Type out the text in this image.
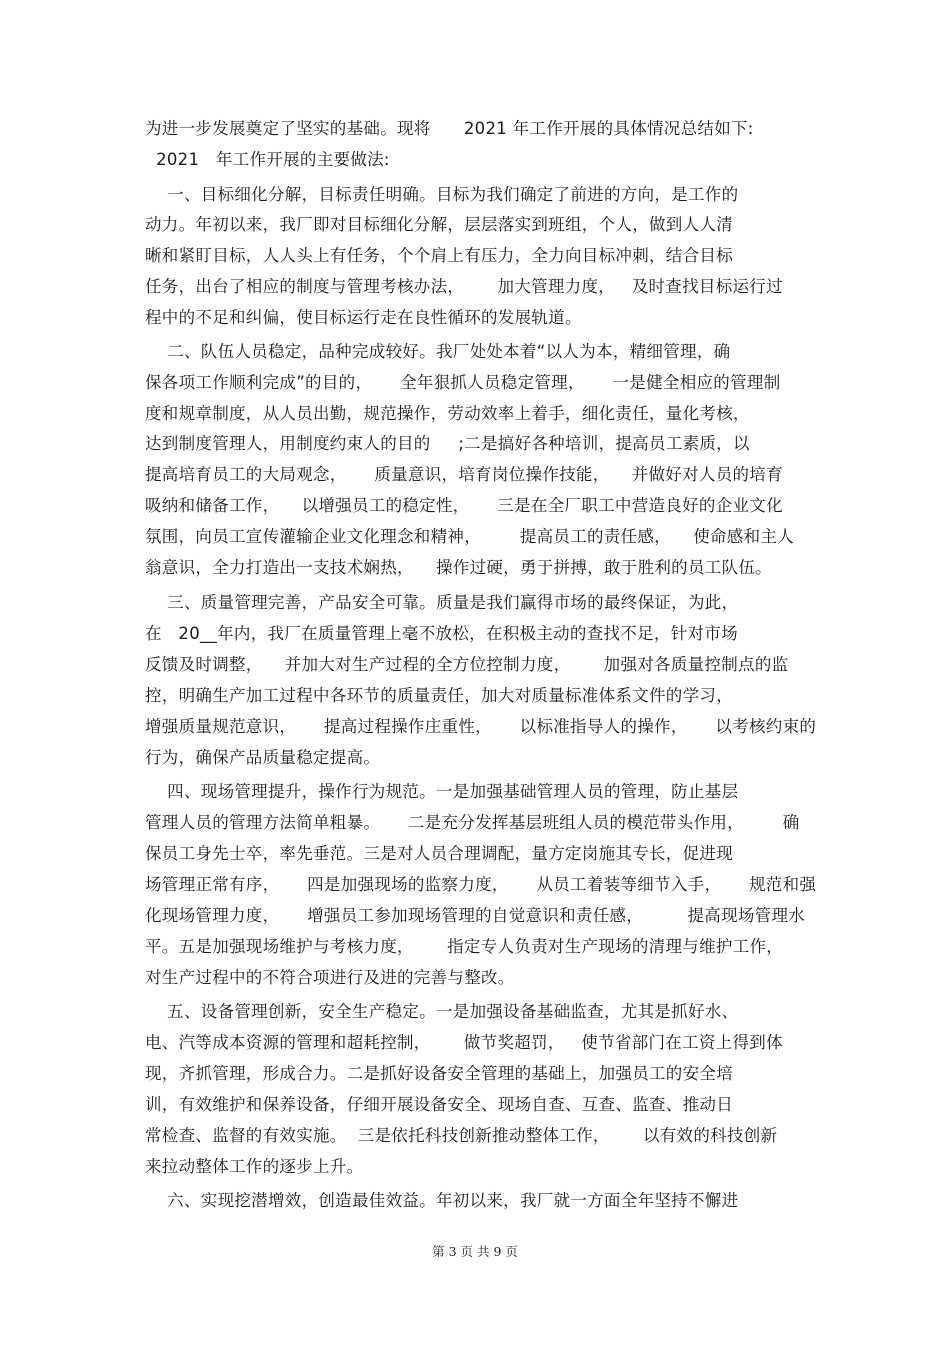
为进一步发展奠定了坚实的基础。现将      2021 年工作开展的具体情况总结如下:
2021   年工作开展的主要做法:
一、目标细化分解，目标责任明确。目标为我们确定了前进的方向，是工作的
动力。年初以来，我厂即对目标细化分解，层层落实到班组，个人，做到人人清
晰和紧盯目标，人人头上有任务，个个肩上有压力，全力向目标冲刺，结合目标
任务，出台了相应的制度与管理考核办法，      加大管理力度，   及时查找目标运行过
程中的不足和纠偏，使目标运行走在良性循环的发展轨道。
二、队伍人员稳定，品种完成较好。我厂处处本着“以人为本，精细管理，确
保各项工作顺利完成”的目的，     全年狠抓人员稳定管理，     一是健全相应的管理制
度和规章制度，从人员出勤，规范操作，劳动效率上着手，细化责任，量化考核，
达到制度管理人，用制度约束人的目的     ;二是搞好各种培训，提高员工素质，以
提高培育员工的大局观念，     质量意识，培育岗位操作技能，    并做好对人员的培育
吸纳和储备工作，    以增强员工的稳定性，     三是在全厂职工中营造良好的企业文化
氛围，向员工宣传灌输企业文化理念和精神，       提高员工的责任感，    使命感和主人
翁意识，全力打造出一支技术娴热，    操作过硬，勇于拼搏，敢于胜利的员工队伍。
三、质量管理完善，产品安全可靠。质量是我们赢得市场的最终保证，为此，
在   20__年内，我厂在质量管理上毫不放松，在积极主动的查找不足，针对市场
反馈及时调整，    并加大对生产过程的全方位控制力度，      加强对各质量控制点的监
控，明确生产加工过程中各环节的质量责任，加大对质量标准体系文件的学习，
增强质量规范意识，     提高过程操作庄重性，     以标准指导人的操作，     以考核约束的
行为，确保产品质量稳定提高。
四、现场管理提升，操作行为规范。一是加强基础管理人员的管理，防止基层
管理人员的管理方法简单粗暴。     二是充分发挥基层班组人员的模范带头作用，       确
保员工身先士卒，率先垂范。三是对人员合理调配，量方定岗施其专长，促进现
场管理正常有序，     四是加强现场的监察力度，     从员工着装等细节入手，     规范和强
化现场管理力度，     增强员工参加现场管理的自觉意识和责任感，        提高现场管理水
平。五是加强现场维护与考核力度，      指定专人负责对生产现场的清理与维护工作，
对生产过程中的不符合项进行及进的完善与整改。
五、设备管理创新，安全生产稳定。一是加强设备基础监查，尤其是抓好水、
电、汽等成本资源的管理和超耗控制，      做节奖超罚，   使节省部门在工资上得到体
现，齐抓管理，形成合力。二是抓好设备安全管理的基础上，加强员工的安全培
训，有效维护和保养设备，仔细开展设备安全、现场自查、互查、监查、推动日
常检查、监督的有效实施。  三是依托科技创新推动整体工作，      以有效的科技创新
来拉动整体工作的逐步上升。
六、实现挖潜增效，创造最佳效益。年初以来，我厂就一方面全年坚持不懈进
第 3 页 共 9 页
